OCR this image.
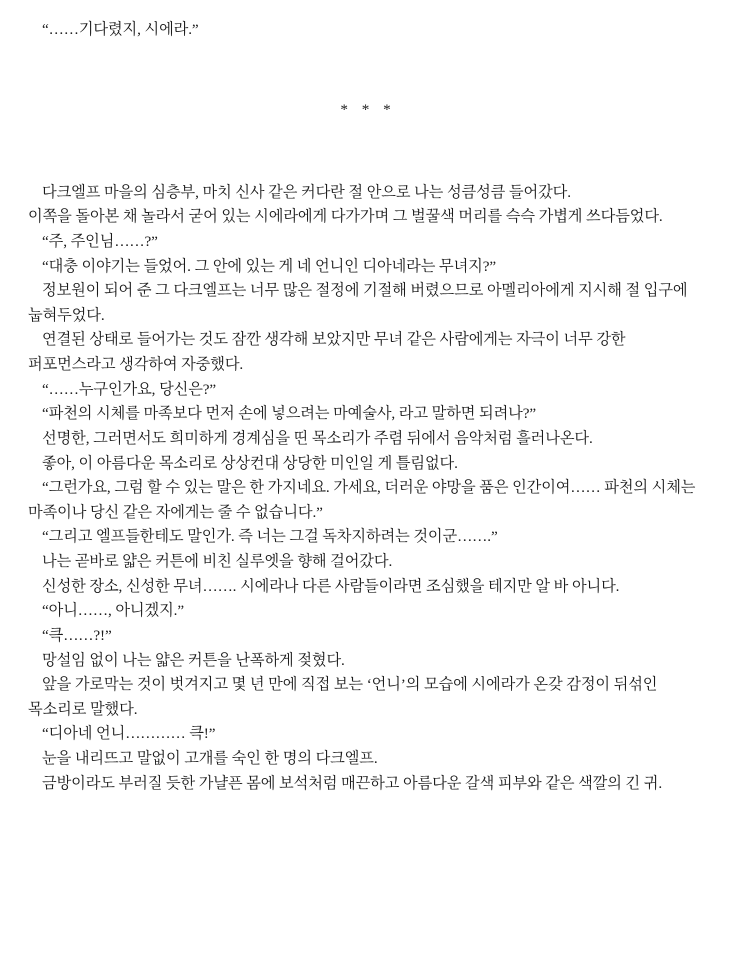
“……기다렸지, 시에라.”

* * *

다크엘프 마을의 심층부, 마치 신사 같은 커다란 절 안으로 나는 성큼성큼 들어갔다.

이쪽을 돌아본 채 놀라서 굳어 있는 시에라에게 다가가며 그 벌꿀색 머리를 슥슥 가볍게 쓰다듬었다.

“주, 주인님……?”

“대충 이야기는 들었어. 그 안에 있는 게 네 언니인 디아네라는 무녀지?”

정보원이 되어 준 그 다크엘프는 너무 많은 절정에 기절해 버렸으므로 아멜리아에게 지시해 절 입구에 눕혀두었다.

연결된 상태로 들어가는 것도 잠깐 생각해 보았지만 무녀 같은 사람에게는 자극이 너무 강한 퍼포먼스라고 생각하여 자중했다.

“……누구인가요, 당신은?”

“파천의 시체를 마족보다 먼저 손에 넣으려는 마예술사, 라고 말하면 되려나?”

선명한, 그러면서도 희미하게 경계심을 띤 목소리가 주렴 뒤에서 음악처럼 흘러나온다.

좋아, 이 아름다운 목소리로 상상컨대 상당한 미인일 게 틀림없다.

“그런가요, 그럼 할 수 있는 말은 한 가지네요. 가세요, 더러운 야망을 품은 인간이여…… 파천의 시체는 마족이나 당신 같은 자에게는 줄 수 없습니다.”

“그리고 엘프들한테도 말인가. 즉 너는 그걸 독차지하려는 것이군…….”

나는 곧바로 얇은 커튼에 비친 실루엣을 향해 걸어갔다.

신성한 장소, 신성한 무녀……. 시에라나 다른 사람들이라면 조심했을 테지만 알 바 아니다.

“아니……, 아니겠지.”

“큭……?!”

망설임 없이 나는 얇은 커튼을 난폭하게 젖혔다.

앞을 가로막는 것이 벗겨지고 몇 년 만에 직접 보는 ‘언니’의 모습에 시에라가 온갖 감정이 뒤섞인 목소리로 말했다.

“디아네 언니………… 큭!”

눈을 내리뜨고 말없이 고개를 숙인 한 명의 다크엘프.

금방이라도 부러질 듯한 가냘픈 몸에 보석처럼 매끈하고 아름다운 갈색 피부와 같은 색깔의 긴 귀.
